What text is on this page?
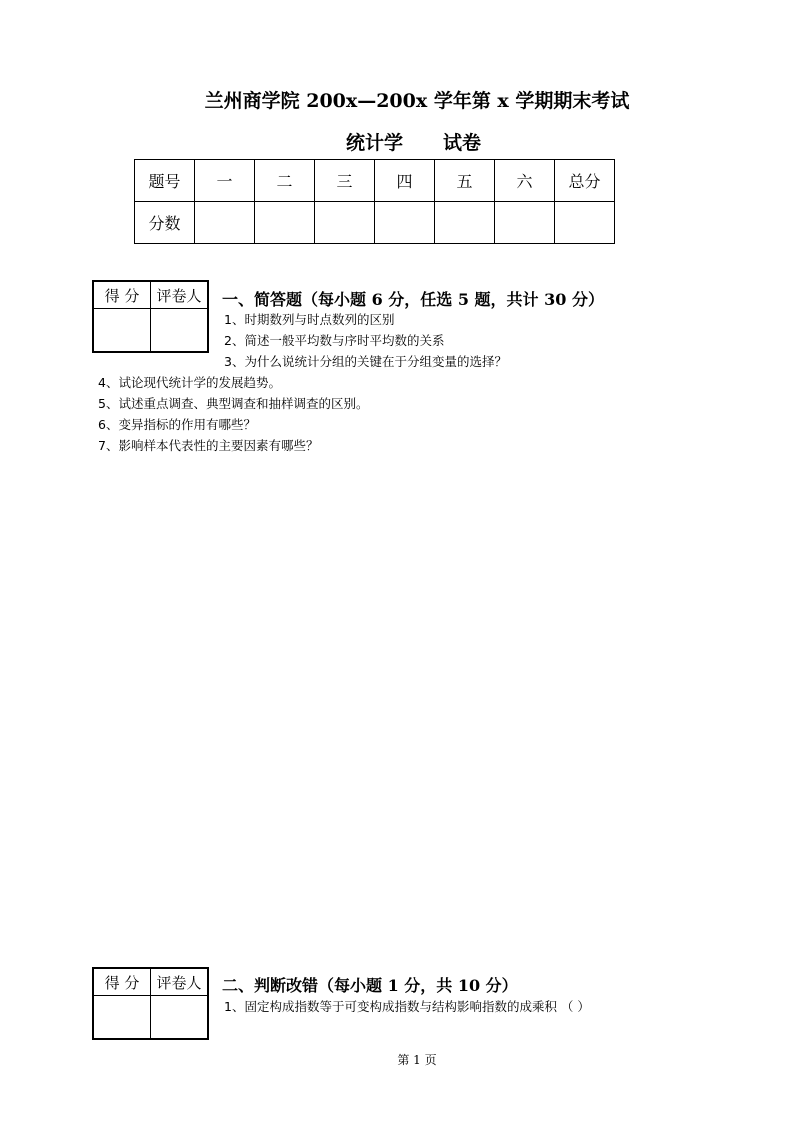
兰州商学院 200x—200x 学年第 x 学期期末考试
统计学 试卷
题号	一	二	三	四	五	六	总分
分数							
得 分	评卷人
	一、简答题（每小题 6 分，任选 5 题，共计 30 分）
1、时期数列与时点数列的区别
2、简述一般平均数与序时平均数的关系
3、为什么说统计分组的关键在于分组变量的选择？
4、试论现代统计学的发展趋势。
5、试述重点调查、典型调查和抽样调查的区别。
6、变异指标的作用有哪些？
7、影响样本代表性的主要因素有哪些？
得 分	评卷人
	二、判断改错（每小题 1 分，共 10 分）
1、固定构成指数等于可变构成指数与结构影响指数的成乘积 （ ）
第 1 页
